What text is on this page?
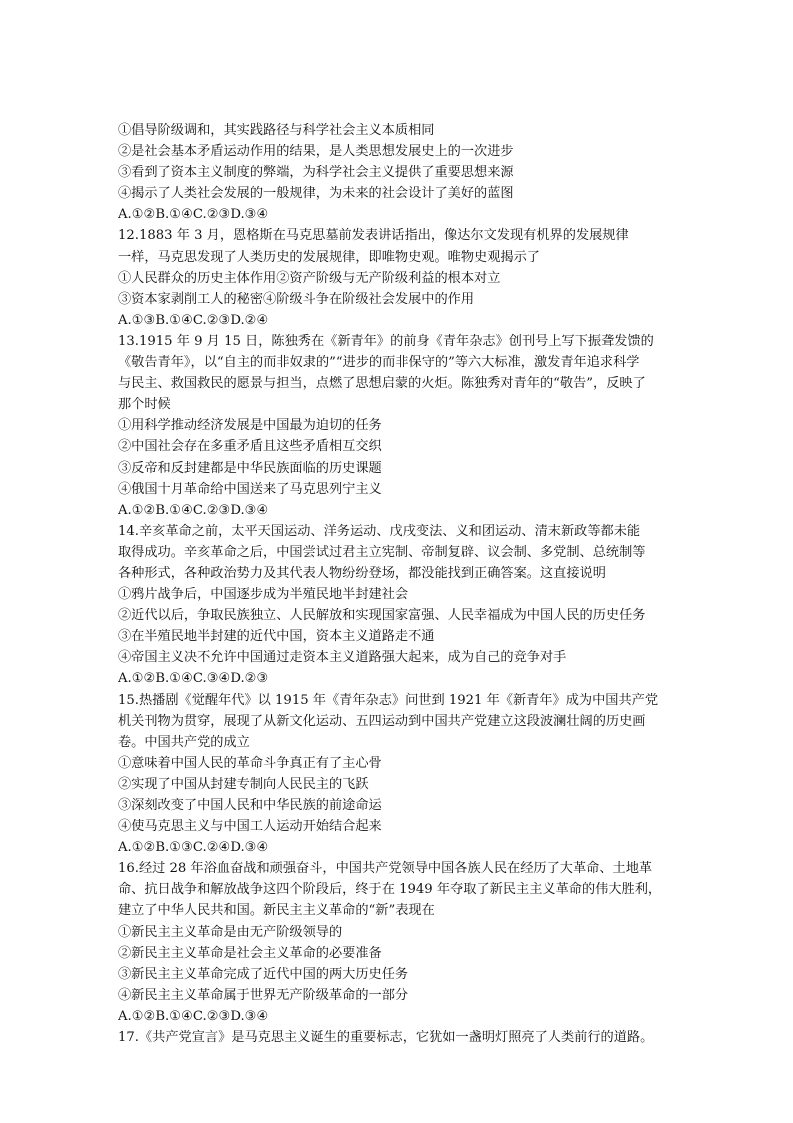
①倡导阶级调和，其实践路径与科学社会主义本质相同
②是社会基本矛盾运动作用的结果，是人类思想发展史上的一次进步
③看到了资本主义制度的弊端，为科学社会主义提供了重要思想来源
④揭示了人类社会发展的一般规律，为未来的社会设计了美好的蓝图
A.①②B.①④C.②③D.③④
12.1883 年 3 月，恩格斯在马克思墓前发表讲话指出，像达尔文发现有机界的发展规律
一样，马克思发现了人类历史的发展规律，即唯物史观。唯物史观揭示了
①人民群众的历史主体作用②资产阶级与无产阶级利益的根本对立
③资本家剥削工人的秘密④阶级斗争在阶级社会发展中的作用
A.①③B.①④C.②③D.②④
13.1915 年 9 月 15 日，陈独秀在《新青年》的前身《青年杂志》创刊号上写下振聋发馈的
《敬告青年》，以“自主的而非奴隶的”“进步的而非保守的”等六大标准，激发青年追求科学
与民主、救国救民的愿景与担当，点燃了思想启蒙的火炬。陈独秀对青年的“敬告”，反映了
那个时候
①用科学推动经济发展是中国最为迫切的任务
②中国社会存在多重矛盾且这些矛盾相互交织
③反帝和反封建都是中华民族面临的历史课题
④俄国十月革命给中国送来了马克思列宁主义
A.①②B.①④C.②③D.③④
14.辛亥革命之前，太平天国运动、洋务运动、戊戌变法、义和团运动、清末新政等都未能
取得成功。辛亥革命之后，中国尝试过君主立宪制、帝制复辟、议会制、多党制、总统制等
各种形式，各种政治势力及其代表人物纷纷登场，都没能找到正确答案。这直接说明
①鸦片战争后，中国逐步成为半殖民地半封建社会
②近代以后，争取民族独立、人民解放和实现国家富强、人民幸福成为中国人民的历史任务
③在半殖民地半封建的近代中国，资本主义道路走不通
④帝国主义决不允许中国通过走资本主义道路强大起来，成为自己的竞争对手
A.①②B.①④C.③④D.②③
15.热播剧《觉醒年代》以 1915 年《青年杂志》问世到 1921 年《新青年》成为中国共产党
机关刊物为贯穿，展现了从新文化运动、五四运动到中国共产党建立这段波澜壮阔的历史画
卷。中国共产党的成立
①意味着中国人民的革命斗争真正有了主心骨
②实现了中国从封建专制向人民民主的飞跃
③深刻改变了中国人民和中华民族的前途命运
④使马克思主义与中国工人运动开始结合起来
A.①②B.①③C.②④D.③④
16.经过 28 年浴血奋战和顽强奋斗，中国共产党领导中国各族人民在经历了大革命、土地革
命、抗日战争和解放战争这四个阶段后，终于在 1949 年夺取了新民主主义革命的伟大胜利，
建立了中华人民共和国。新民主主义革命的“新”表现在
①新民主主义革命是由无产阶级领导的
②新民主主义革命是社会主义革命的必要准备
③新民主主义革命完成了近代中国的两大历史任务
④新民主主义革命属于世界无产阶级革命的一部分
A.①②B.①④C.②③D.③④
17.《共产党宣言》是马克思主义诞生的重要标志，它犹如一盏明灯照亮了人类前行的道路。
